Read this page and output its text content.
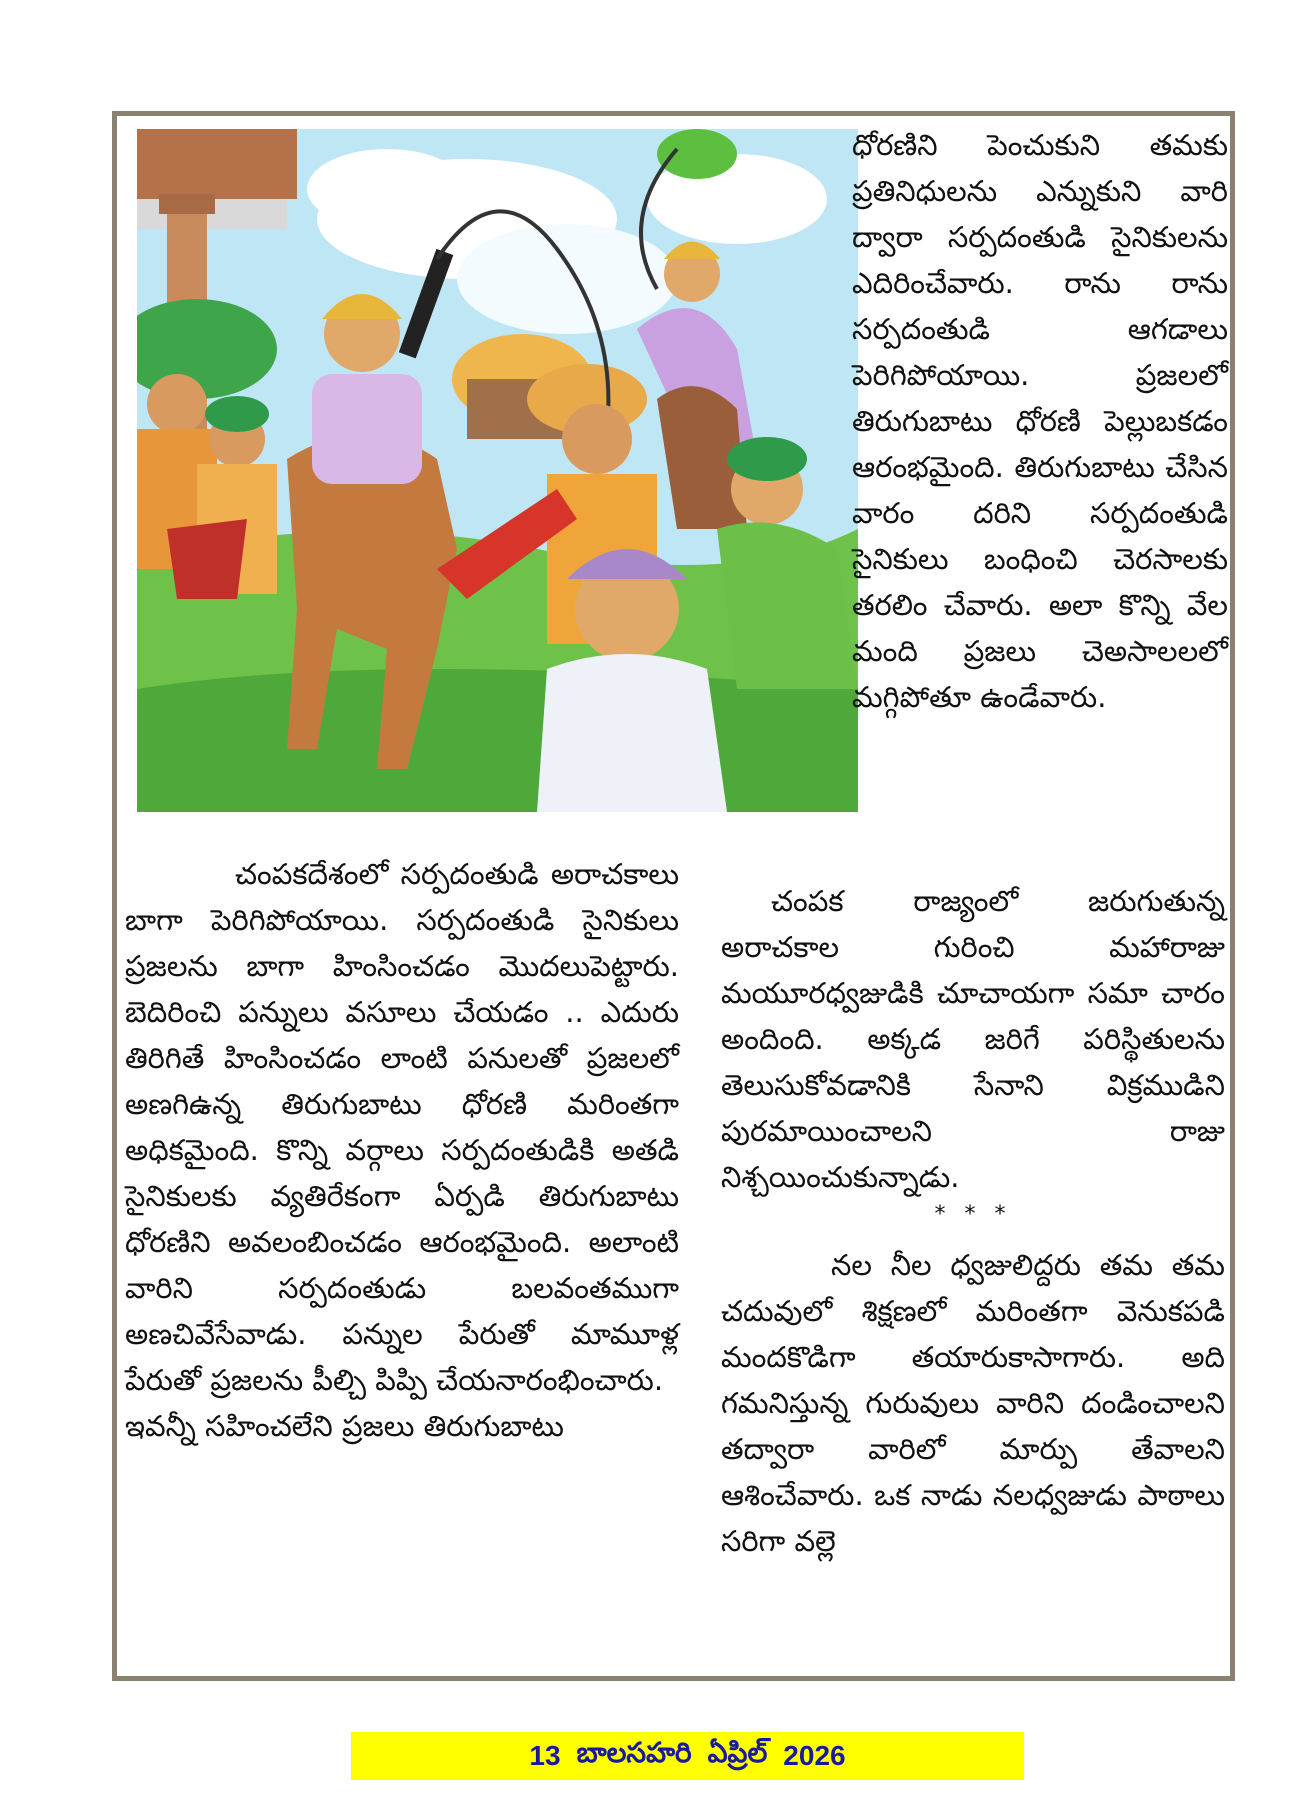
ధోరణిని పెంచుకుని తమకు ప్రతినిధులను ఎన్నుకుని వారి ద్వారా సర్పదంతుడి సైనికులను ఎదిరించేవారు. రాను రాను సర్పదంతుడి ఆగడాలు పెరిగిపోయాయి. ప్రజలలో తిరుగుబాటు ధోరణి పెల్లుబకడం ఆరంభమైంది. తిరుగుబాటు చేసిన వారం దరిని సర్పదంతుడి సైనికులు బంధించి చెరసాలకు తరలిం చేవారు. అలా కొన్ని వేల మంది ప్రజలు చెఅసాలలలో మగ్గిపోతూ ఉండేవారు.

చంపకదేశంలో సర్పదంతుడి అరాచకాలు బాగా పెరిగిపోయాయి. సర్పదంతుడి సైనికులు ప్రజలను బాగా హింసించడం మొదలుపెట్టారు. బెదిరించి పన్నులు వసూలు చేయడం .. ఎదురు తిరిగితే హింసించడం లాంటి పనులతో ప్రజలలో అణగిఉన్న తిరుగుబాటు ధోరణి మరింతగా అధికమైంది. కొన్ని వర్గాలు సర్పదంతుడికి అతడి సైనికులకు వ్యతిరేకంగా ఏర్పడి తిరుగుబాటు ధోరణిని అవలంబించడం ఆరంభమైంది. అలాంటి వారిని సర్పదంతుడు బలవంతముగా అణచివేసేవాడు. పన్నుల పేరుతో మామూళ్ల పేరుతో ప్రజలను పీల్చి పిప్పి చేయనారంభించారు.

ఇవన్నీ సహించలేని ప్రజలు తిరుగుబాటు

చంపక రాజ్యంలో జరుగుతున్న అరాచకాల గురించి మహారాజు మయూరధ్వజుడికి చూచాయగా సమా చారం అందింది. అక్కడ జరిగే పరిస్థితులను తెలుసుకోవడానికి సేనాని విక్రముడిని పురమాయించాలని రాజు నిశ్చయించుకున్నాడు.

* * *

నల నీల ధ్వజులిద్దరు తమ తమ చదువులో శిక్షణలో మరింతగా వెనుకపడి మందకొడిగా తయారుకాసాగారు. అది గమనిస్తున్న గురువులు వారిని దండించాలని తద్వారా వారిలో మార్పు తేవాలని ఆశించేవారు. ఒక నాడు నలధ్వజుడు పాఠాలు సరిగా వల్లె

13 బాలసహరి ఏప్రిల్ 2026
